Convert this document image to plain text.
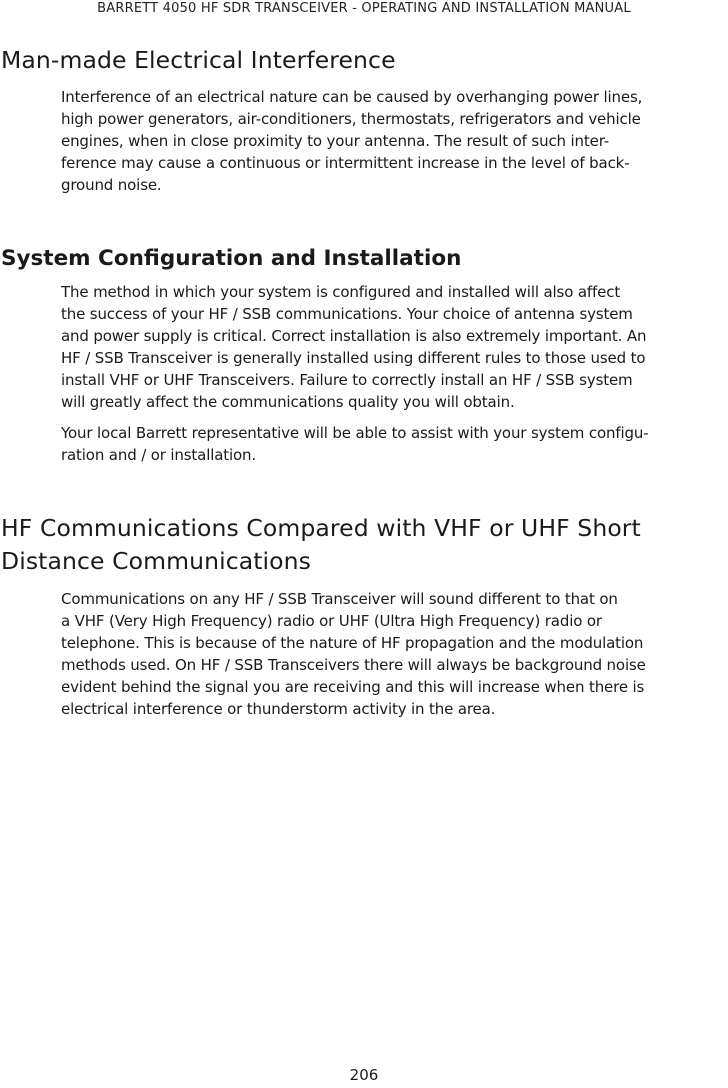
BARRETT 4050 HF SDR TRANSCEIVER - OPERATING AND INSTALLATION MANUAL
Man-made Electrical Interference
Interference of an electrical nature can be caused by overhanging power lines,
high power generators, air-conditioners, thermostats, refrigerators and vehicle
engines, when in close proximity to your antenna. The result of such inter-
ference may cause a continuous or intermittent increase in the level of back-
ground noise.
System Configuration and Installation
The method in which your system is configured and installed will also affect
the success of your HF / SSB communications. Your choice of antenna system
and power supply is critical. Correct installation is also extremely important. An
HF / SSB Transceiver is generally installed using different rules to those used to
install VHF or UHF Transceivers. Failure to correctly install an HF / SSB system
will greatly affect the communications quality you will obtain.
Your local Barrett representative will be able to assist with your system configu-
ration and / or installation.
HF Communications Compared with VHF or UHF Short
Distance Communications
Communications on any HF / SSB Transceiver will sound different to that on
a VHF (Very High Frequency) radio or UHF (Ultra High Frequency) radio or
telephone. This is because of the nature of HF propagation and the modulation
methods used. On HF / SSB Transceivers there will always be background noise
evident behind the signal you are receiving and this will increase when there is
electrical interference or thunderstorm activity in the area.
206
